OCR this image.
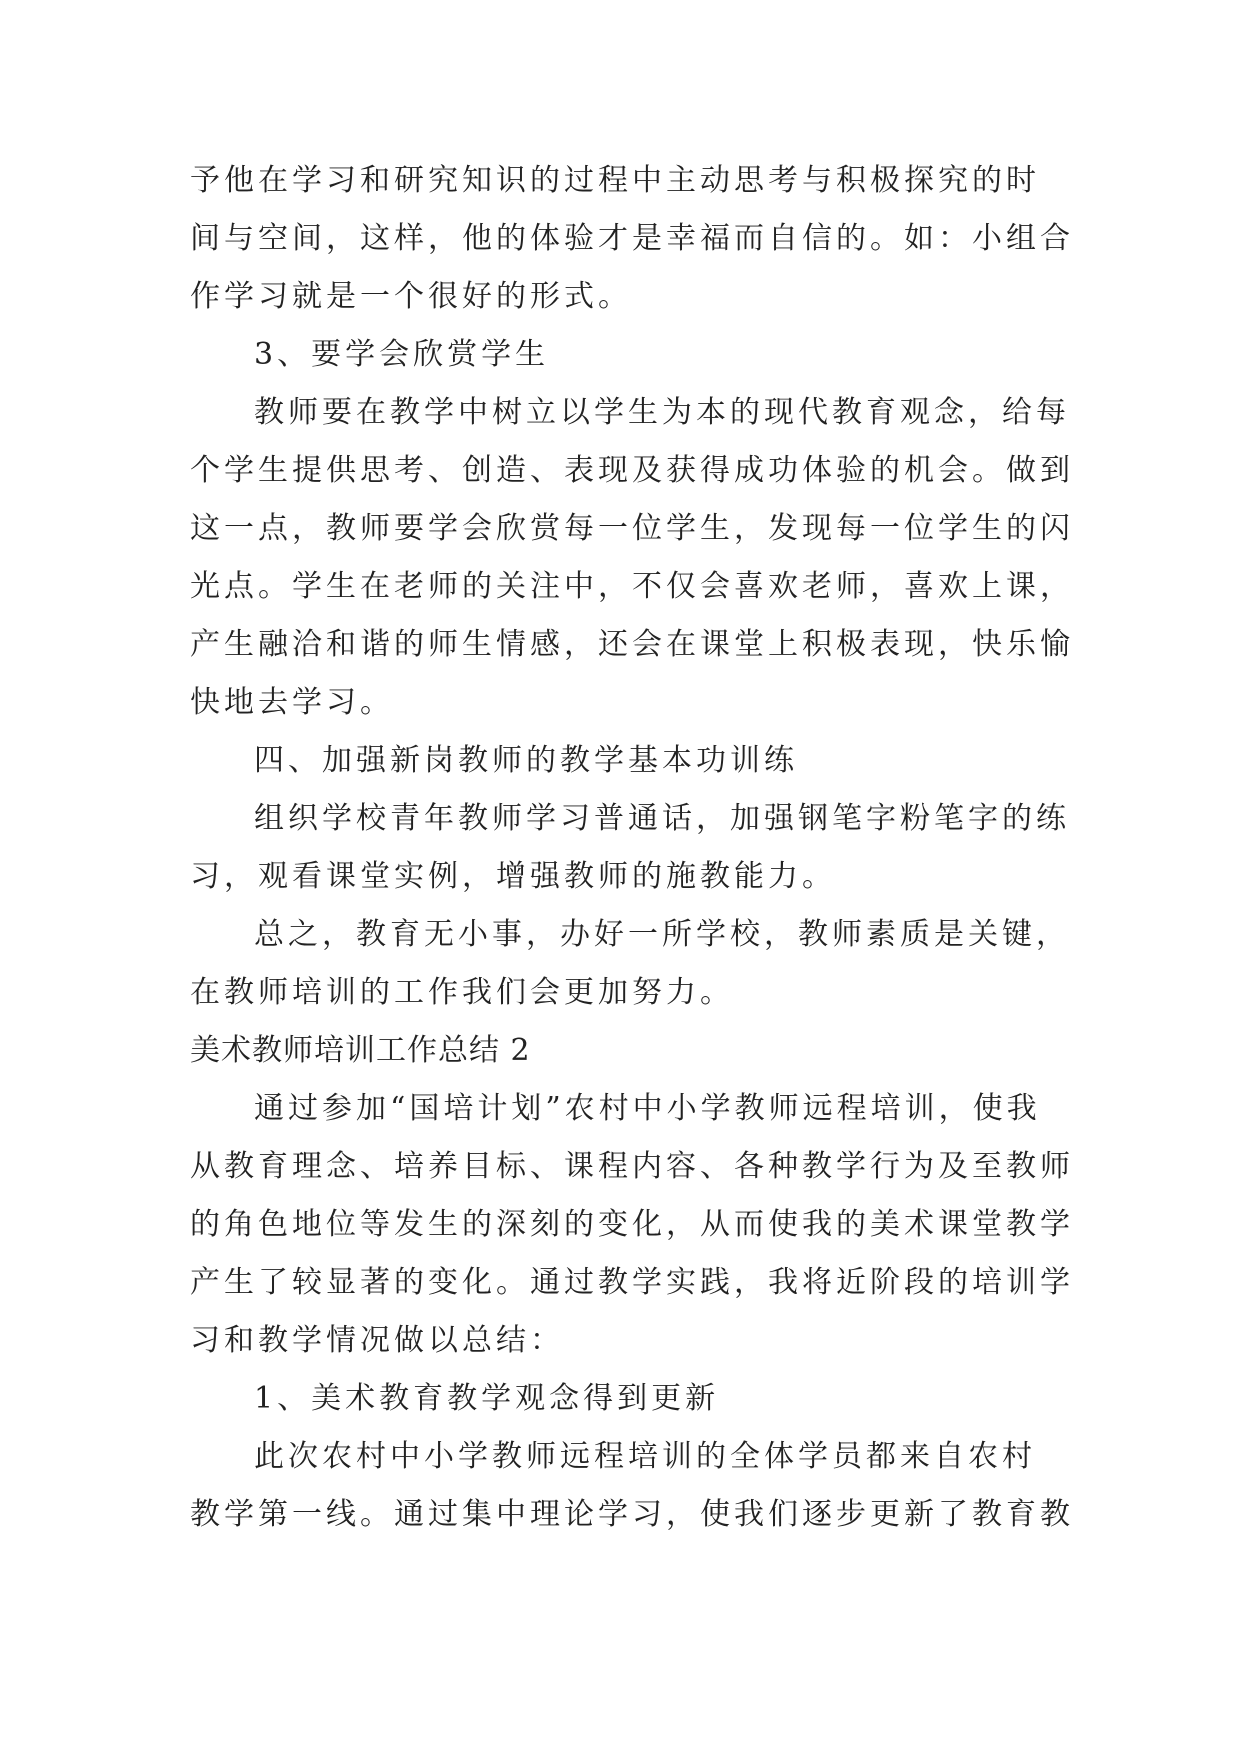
予他在学习和研究知识的过程中主动思考与积极探究的时
间与空间，这样，他的体验才是幸福而自信的。如：小组合
作学习就是一个很好的形式。
3、要学会欣赏学生
教师要在教学中树立以学生为本的现代教育观念，给每
个学生提供思考、创造、表现及获得成功体验的机会。做到
这一点，教师要学会欣赏每一位学生，发现每一位学生的闪
光点。学生在老师的关注中，不仅会喜欢老师，喜欢上课，
产生融洽和谐的师生情感，还会在课堂上积极表现，快乐愉
快地去学习。
四、加强新岗教师的教学基本功训练
组织学校青年教师学习普通话，加强钢笔字粉笔字的练
习，观看课堂实例，增强教师的施教能力。
总之，教育无小事，办好一所学校，教师素质是关键，
在教师培训的工作我们会更加努力。
美术教师培训工作总结 2
通过参加“国培计划”农村中小学教师远程培训，使我
从教育理念、培养目标、课程内容、各种教学行为及至教师
的角色地位等发生的深刻的变化，从而使我的美术课堂教学
产生了较显著的变化。通过教学实践，我将近阶段的培训学
习和教学情况做以总结：
1、美术教育教学观念得到更新
此次农村中小学教师远程培训的全体学员都来自农村
教学第一线。通过集中理论学习，使我们逐步更新了教育教
